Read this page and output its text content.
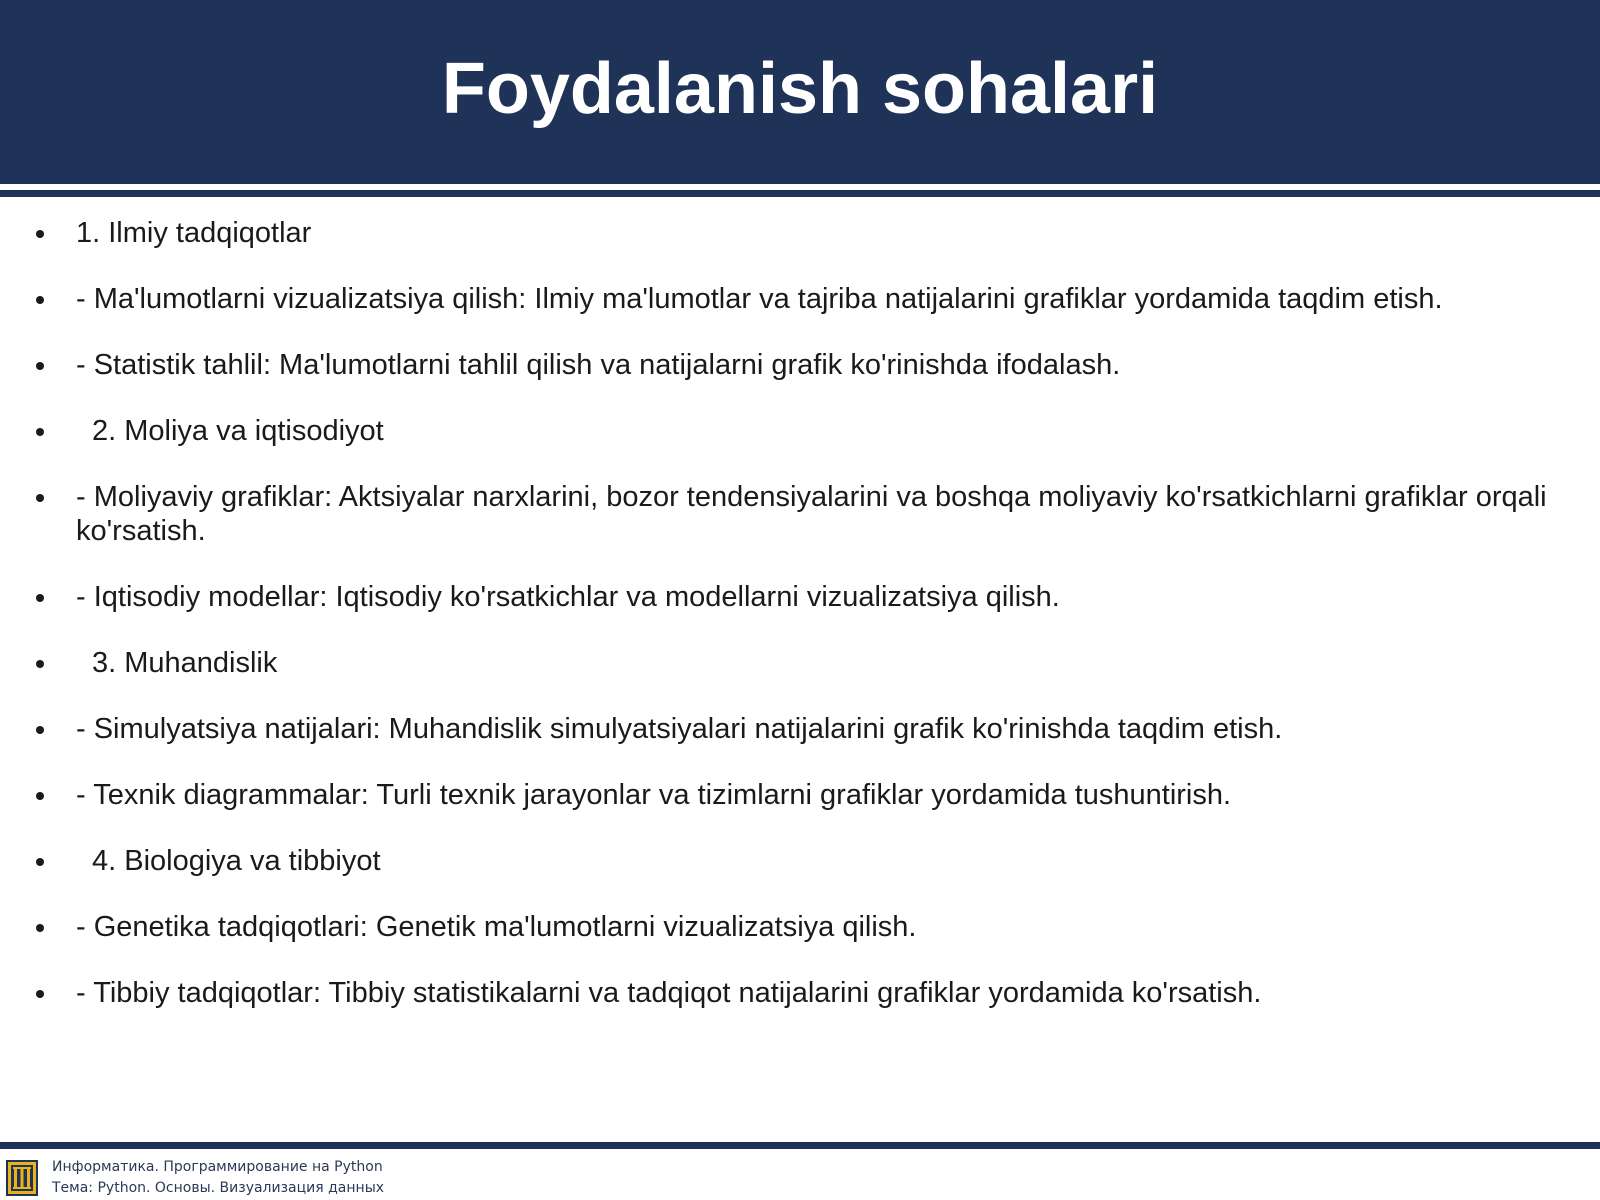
Foydalanish sohalari
1. Ilmiy tadqiqotlar
- Ma'lumotlarni vizualizatsiya qilish: Ilmiy ma'lumotlar va tajriba natijalarini grafiklar yordamida taqdim etish.
- Statistik tahlil: Ma'lumotlarni tahlil qilish va natijalarni grafik ko'rinishda ifodalash.
2. Moliya va iqtisodiyot
- Moliyaviy grafiklar: Aktsiyalar narxlarini, bozor tendensiyalarini va boshqa moliyaviy ko'rsatkichlarni grafiklar orqali ko'rsatish.
- Iqtisodiy modellar: Iqtisodiy ko'rsatkichlar va modellarni vizualizatsiya qilish.
3. Muhandislik
- Simulyatsiya natijalari: Muhandislik simulyatsiyalari natijalarini grafik ko'rinishda taqdim etish.
- Texnik diagrammalar: Turli texnik jarayonlar va tizimlarni grafiklar yordamida tushuntirish.
4. Biologiya va tibbiyot
- Genetika tadqiqotlari: Genetik ma'lumotlarni vizualizatsiya qilish.
- Tibbiy tadqiqotlar: Tibbiy statistikalarni va tadqiqot natijalarini grafiklar yordamida ko'rsatish.
Информатика. Программирование на Python
Тема: Python. Основы. Визуализация данных
